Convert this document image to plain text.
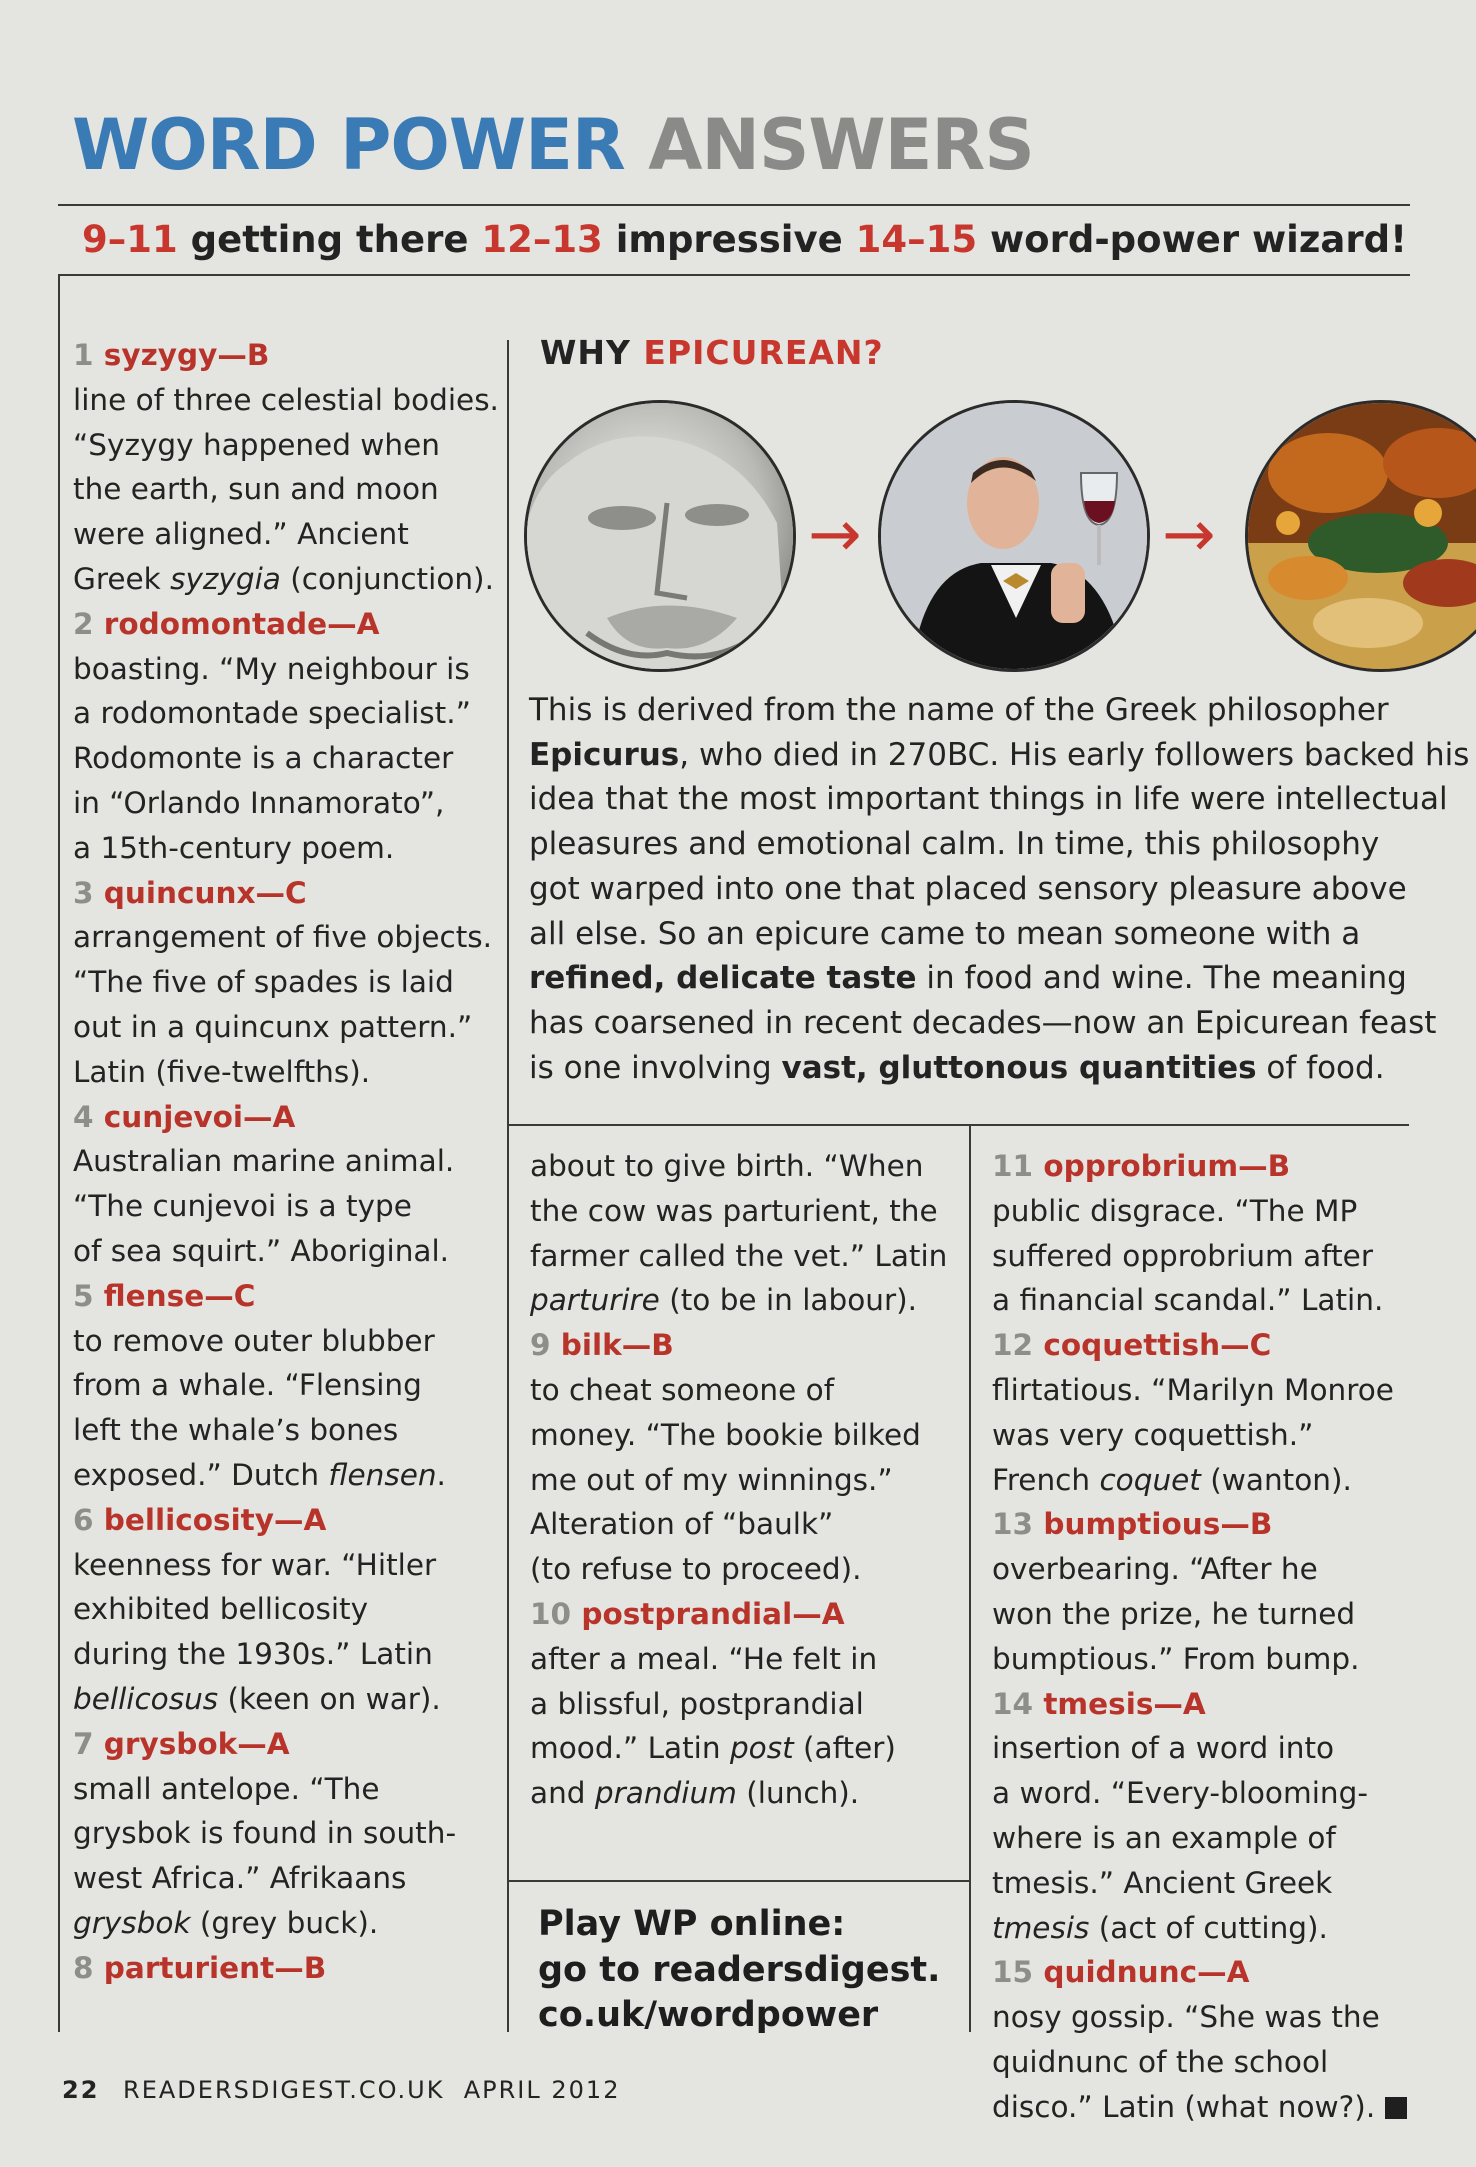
WORD POWER ANSWERS
9–11 getting there 12–13 impressive 14–15 word-power wizard!
1 syzygy—B
line of three celestial bodies.
“Syzygy happened when
the earth, sun and moon
were aligned.” Ancient
Greek syzygia (conjunction).
2 rodomontade—A
boasting. “My neighbour is
a rodomontade specialist.”
Rodomonte is a character
in “Orlando Innamorato”,
a 15th-century poem.
3 quincunx—C
arrangement of five objects.
“The five of spades is laid
out in a quincunx pattern.”
Latin (five-twelfths).
4 cunjevoi—A
Australian marine animal.
“The cunjevoi is a type
of sea squirt.” Aboriginal.
5 flense—C
to remove outer blubber
from a whale. “Flensing
left the whale’s bones
exposed.” Dutch flensen.
6 bellicosity—A
keenness for war. “Hitler
exhibited bellicosity
during the 1930s.” Latin
bellicosus (keen on war).
7 grysbok—A
small antelope. “The
grysbok is found in south-
west Africa.” Afrikaans
grysbok (grey buck).
8 parturient—B
about to give birth. “When
the cow was parturient, the
farmer called the vet.” Latin
parturire (to be in labour).
9 bilk—B
to cheat someone of
money. “The bookie bilked
me out of my winnings.”
Alteration of “baulk”
(to refuse to proceed).
10 postprandial—A
after a meal. “He felt in
a blissful, postprandial
mood.” Latin post (after)
and prandium (lunch).
11 opprobrium—B
public disgrace. “The MP
suffered opprobrium after
a financial scandal.” Latin.
12 coquettish—C
flirtatious. “Marilyn Monroe
was very coquettish.”
French coquet (wanton).
13 bumptious—B
overbearing. “After he
won the prize, he turned
bumptious.” From bump.
14 tmesis—A
insertion of a word into
a word. “Every-blooming-
where is an example of
tmesis.” Ancient Greek
tmesis (act of cutting).
15 quidnunc—A
nosy gossip. “She was the
quidnunc of the school
disco.” Latin (what now?).
WHY EPICUREAN?
→	→
This is derived from the name of the Greek philosopher
Epicurus, who died in 270BC. His early followers backed his
idea that the most important things in life were intellectual
pleasures and emotional calm. In time, this philosophy
got warped into one that placed sensory pleasure above
all else. So an epicure came to mean someone with a
refined, delicate taste in food and wine. The meaning
has coarsened in recent decades—now an Epicurean feast
is one involving vast, gluttonous quantities of food.
Play WP online:
go to readersdigest.
co.uk/wordpower
22 READERSDIGEST.CO.UK APRIL 2012
